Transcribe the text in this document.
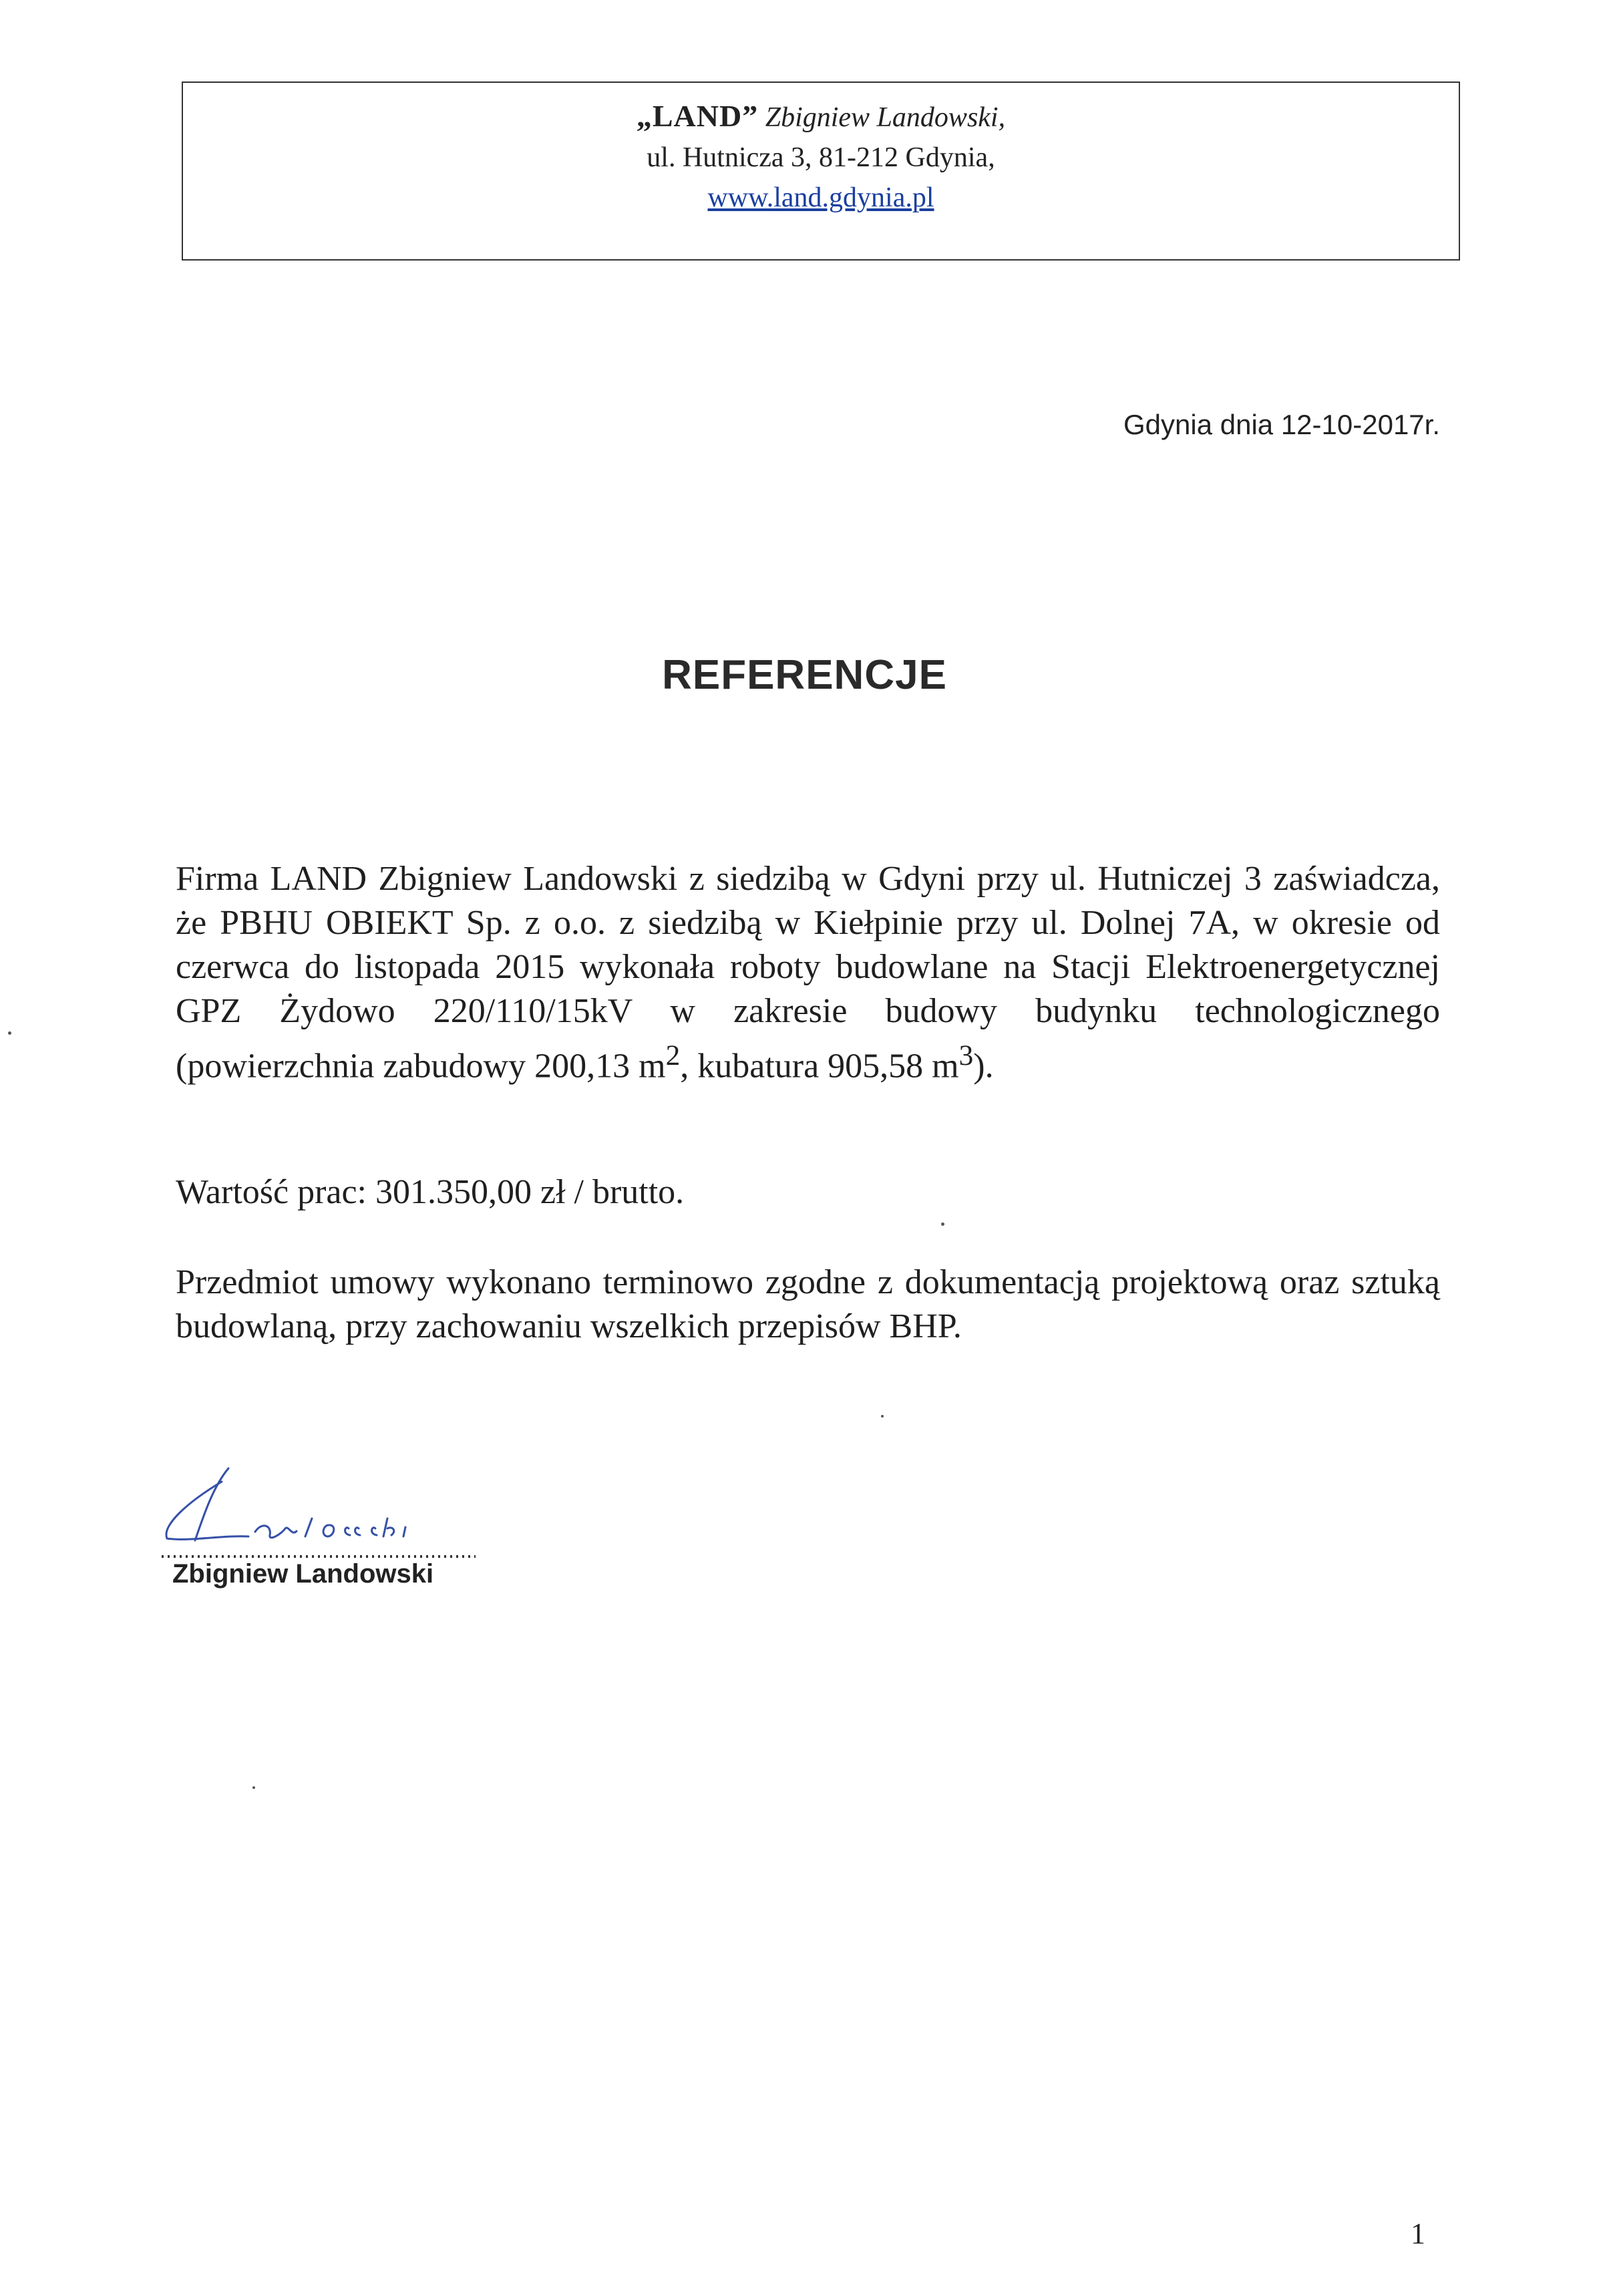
„LAND” Zbigniew Landowski,
ul. Hutnicza 3, 81-212 Gdynia,
www.land.gdynia.pl
Gdynia dnia 12-10-2017r.
REFERENCJE
Firma LAND Zbigniew Landowski z siedzibą w Gdyni przy ul. Hutniczej 3 zaświadcza, że PBHU OBIEKT Sp. z o.o. z siedzibą w Kiełpinie przy ul. Dolnej 7A, w okresie od czerwca do listopada 2015 wykonała roboty budowlane na Stacji Elektroenergetycznej GPZ Żydowo 220/110/15kV w zakresie budowy budynku technologicznego (powierzchnia zabudowy 200,13 $m^2$, kubatura 905,58 $m^3$).
Wartość prac: 301.350,00 zł / brutto.
Przedmiot umowy wykonano terminowo zgodne z dokumentacją projektową oraz sztuką budowlaną, przy zachowaniu wszelkich przepisów BHP.
Zbigniew Landowski
1
